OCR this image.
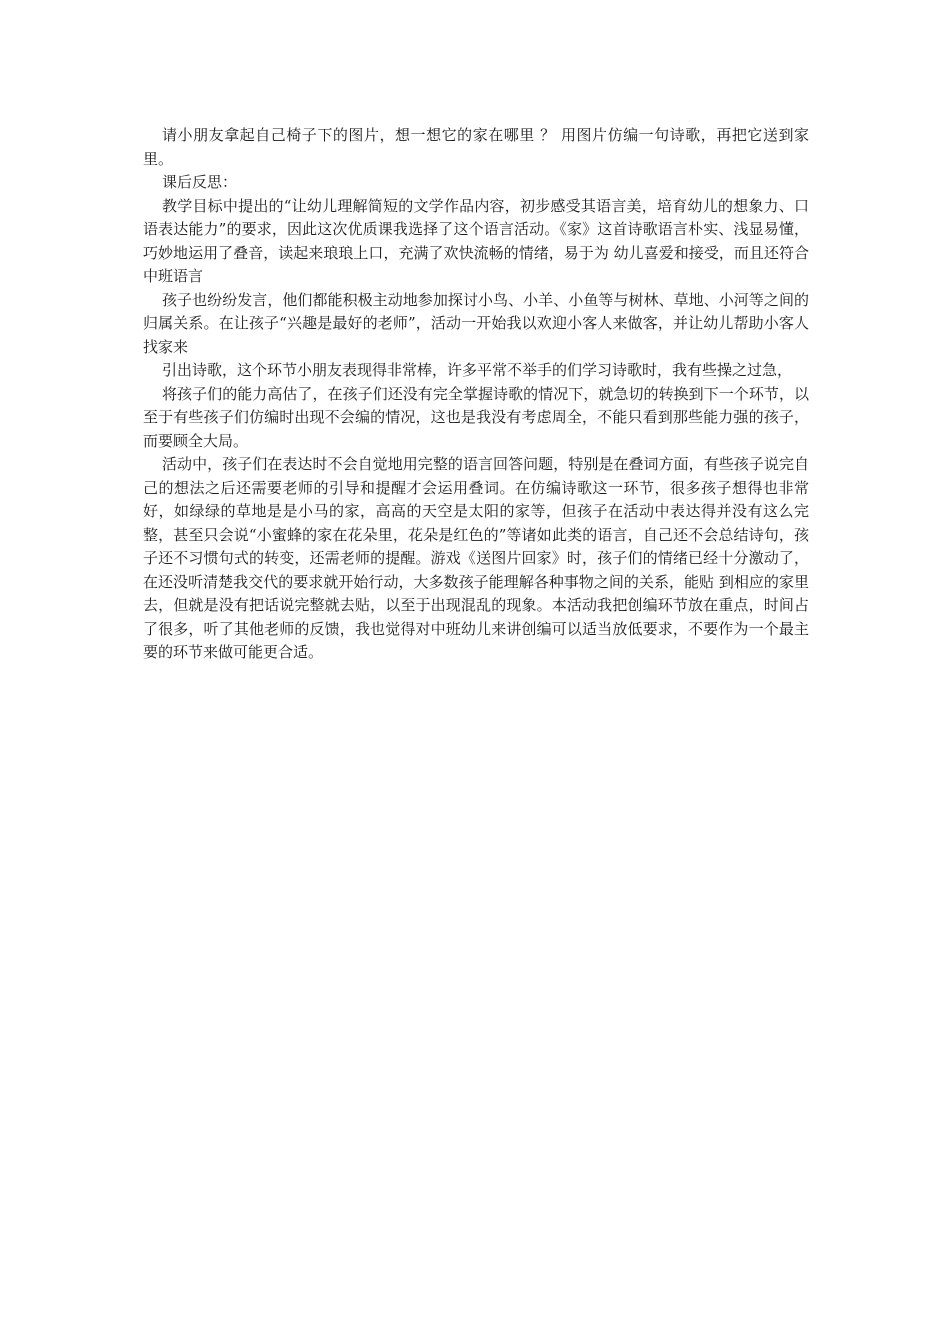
请小朋友拿起自己椅子下的图片，想一想它的家在哪里 ？ 用图片仿编一句诗歌，再把它送到家里。

课后反思：

教学目标中提出的“让幼儿理解简短的文学作品内容，初步感受其语言美，培育幼儿的想象力、口语表达能力”的要求，因此这次优质课我选择了这个语言活动。《家》这首诗歌语言朴实、浅显易懂，巧妙地运用了叠音，读起来琅琅上口，充满了欢快流畅的情绪，易于为 幼儿喜爱和接受，而且还符合中班语言

孩子也纷纷发言，他们都能积极主动地参加探讨小鸟、小羊、小鱼等与树林、草地、小河等之间的归属关系。在让孩子“兴趣是最好的老师”，活动一开始我以欢迎小客人来做客，并让幼儿帮助小客人找家来

引出诗歌，这个环节小朋友表现得非常棒，许多平常不举手的们学习诗歌时，我有些操之过急，

将孩子们的能力高估了，在孩子们还没有完全掌握诗歌的情况下，就急切的转换到下一个环节，以至于有些孩子们仿编时出现不会编的情况，这也是我没有考虑周全，不能只看到那些能力强的孩子，而要顾全大局。

活动中，孩子们在表达时不会自觉地用完整的语言回答问题，特别是在叠词方面，有些孩子说完自己的想法之后还需要老师的引导和提醒才会运用叠词。在仿编诗歌这一环节，很多孩子想得也非常好，如绿绿的草地是是小马的家，高高的天空是太阳的家等，但孩子在活动中表达得并没有这么完整，甚至只会说“小蜜蜂的家在花朵里，花朵是红色的”等诸如此类的语言，自己还不会总结诗句，孩子还不习惯句式的转变，还需老师的提醒。游戏《送图片回家》时，孩子们的情绪已经十分激动了，在还没听清楚我交代的要求就开始行动，大多数孩子能理解各种事物之间的关系，能贴 到相应的家里去，但就是没有把话说完整就去贴，以至于出现混乱的现象。本活动我把创编环节放在重点，时间占了很多，听了其他老师的反馈，我也觉得对中班幼儿来讲创编可以适当放低要求，不要作为一个最主要的环节来做可能更合适。
